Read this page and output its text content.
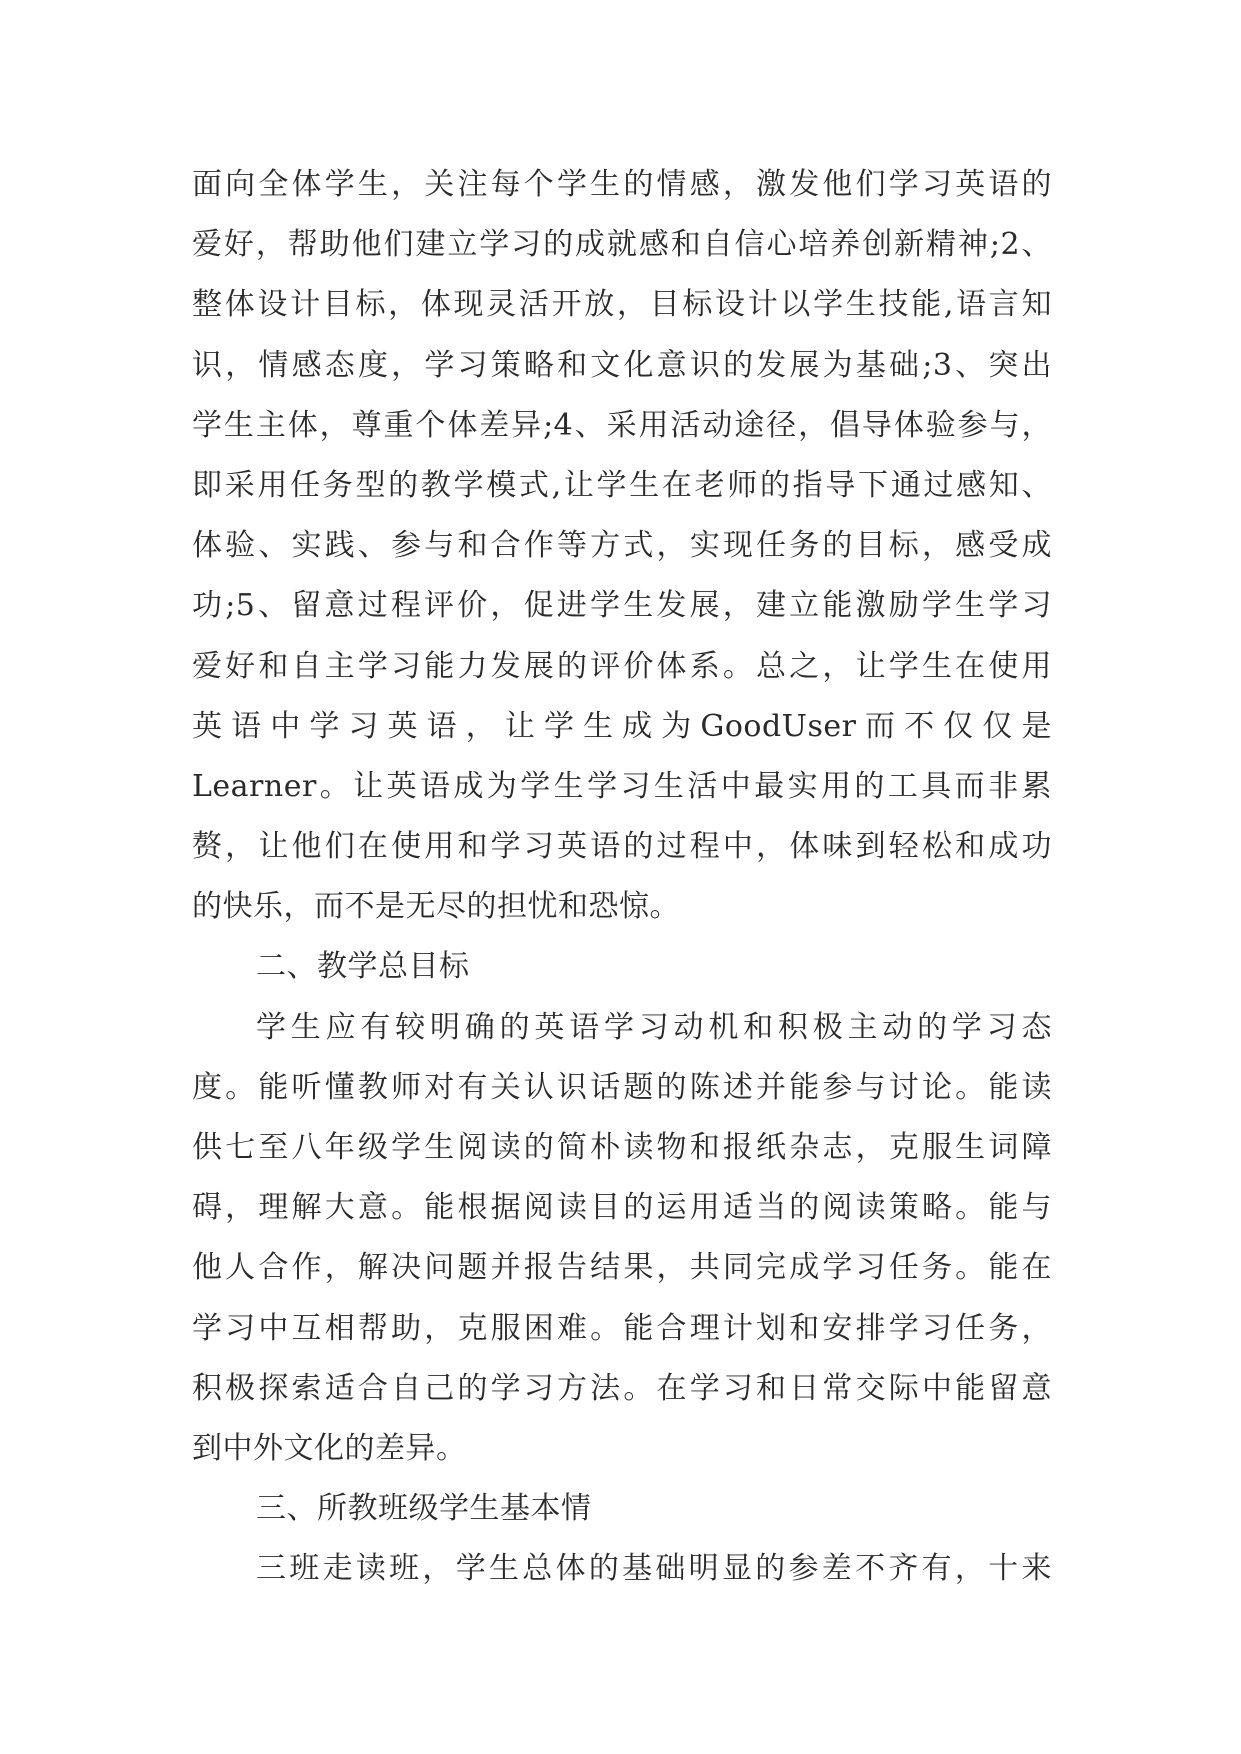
面向全体学生，关注每个学生的情感，激发他们学习英语的
爱好，帮助他们建立学习的成就感和自信心培养创新精神;2、
整体设计目标，体现灵活开放，目标设计以学生技能,语言知
识，情感态度，学习策略和文化意识的发展为基础;3、突出
学生主体，尊重个体差异;4、采用活动途径，倡导体验参与，
即采用任务型的教学模式,让学生在老师的指导下通过感知、
体验、实践、参与和合作等方式，实现任务的目标，感受成
功;5、留意过程评价，促进学生发展，建立能激励学生学习
爱好和自主学习能力发展的评价体系。总之，让学生在使用
英语中学习英语，让学生成为GoodUser而不仅仅是
Learner。让英语成为学生学习生活中最实用的工具而非累
赘，让他们在使用和学习英语的过程中，体味到轻松和成功
的快乐，而不是无尽的担忧和恐惊。
二、教学总目标
学生应有较明确的英语学习动机和积极主动的学习态
度。能听懂教师对有关认识话题的陈述并能参与讨论。能读
供七至八年级学生阅读的简朴读物和报纸杂志，克服生词障
碍，理解大意。能根据阅读目的运用适当的阅读策略。能与
他人合作，解决问题并报告结果，共同完成学习任务。能在
学习中互相帮助，克服困难。能合理计划和安排学习任务，
积极探索适合自己的学习方法。在学习和日常交际中能留意
到中外文化的差异。
三、所教班级学生基本情
三班走读班，学生总体的基础明显的参差不齐有，十来
